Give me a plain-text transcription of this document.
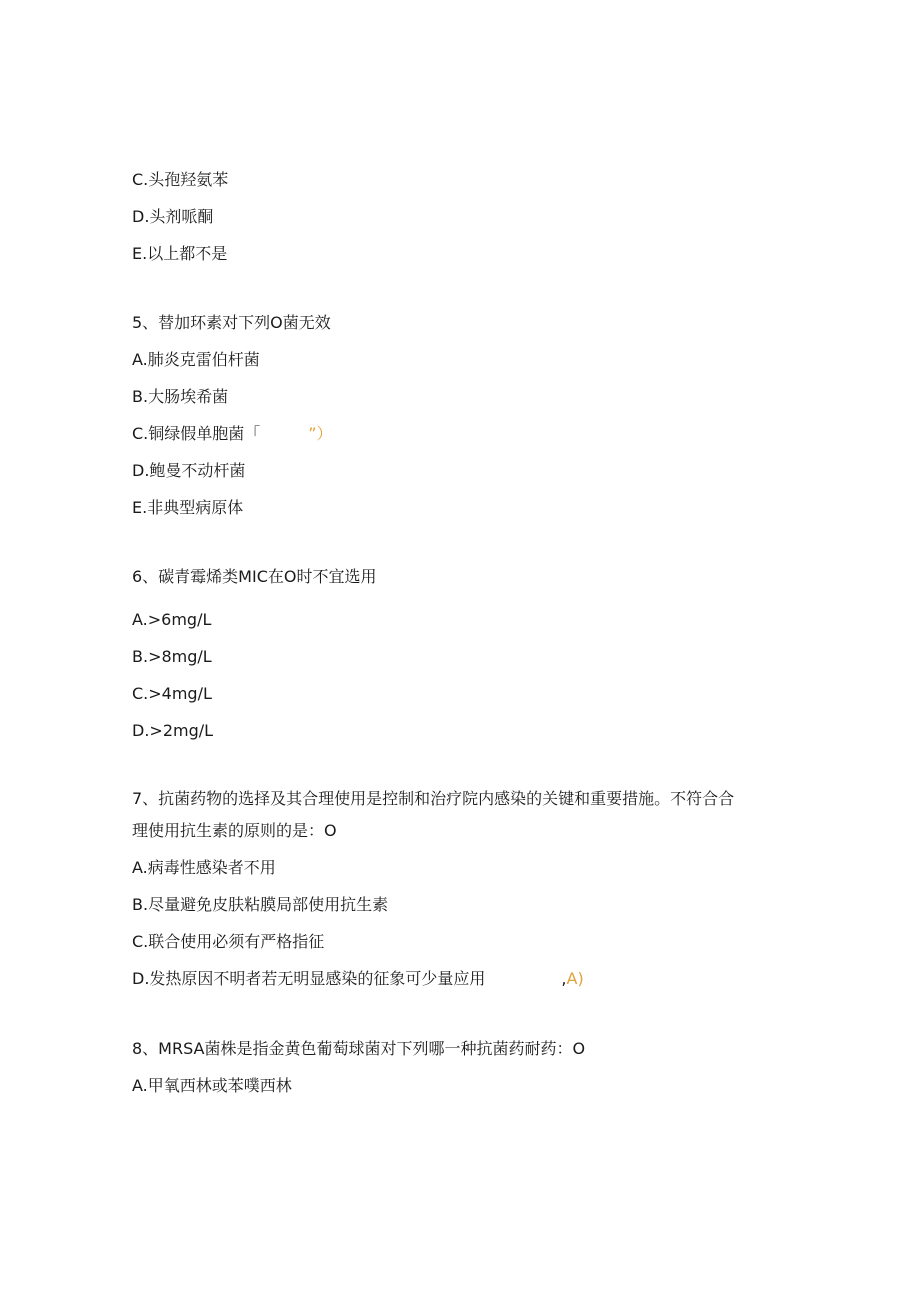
C.头孢羟氨苯
D.头剂哌酮
E.以上都不是
5、替加环素对下列O菌无效
A.肺炎克雷伯杆菌
B.大肠埃希菌
C.铜绿假单胞菌「	”）
D.鲍曼不动杆菌
E.非典型病原体
6、碳青霉烯类MIC在O时不宜选用
A.>6mg∕L
B.>8mg∕L
C.>4mg∕L
D.>2mg∕L
7、抗菌药物的选择及其合理使用是控制和治疗院内感染的关键和重要措施。不符合合
理使用抗生素的原则的是：O
A.病毒性感染者不用
B.尽量避免皮肤粘膜局部使用抗生素
C.联合使用必须有严格指征
D.发热原因不明者若无明显感染的征象可少量应用	,A)
8、MRSA菌株是指金黄色葡萄球菌对下列哪一种抗菌药耐药：O
A.甲氧西林或苯噗西林
